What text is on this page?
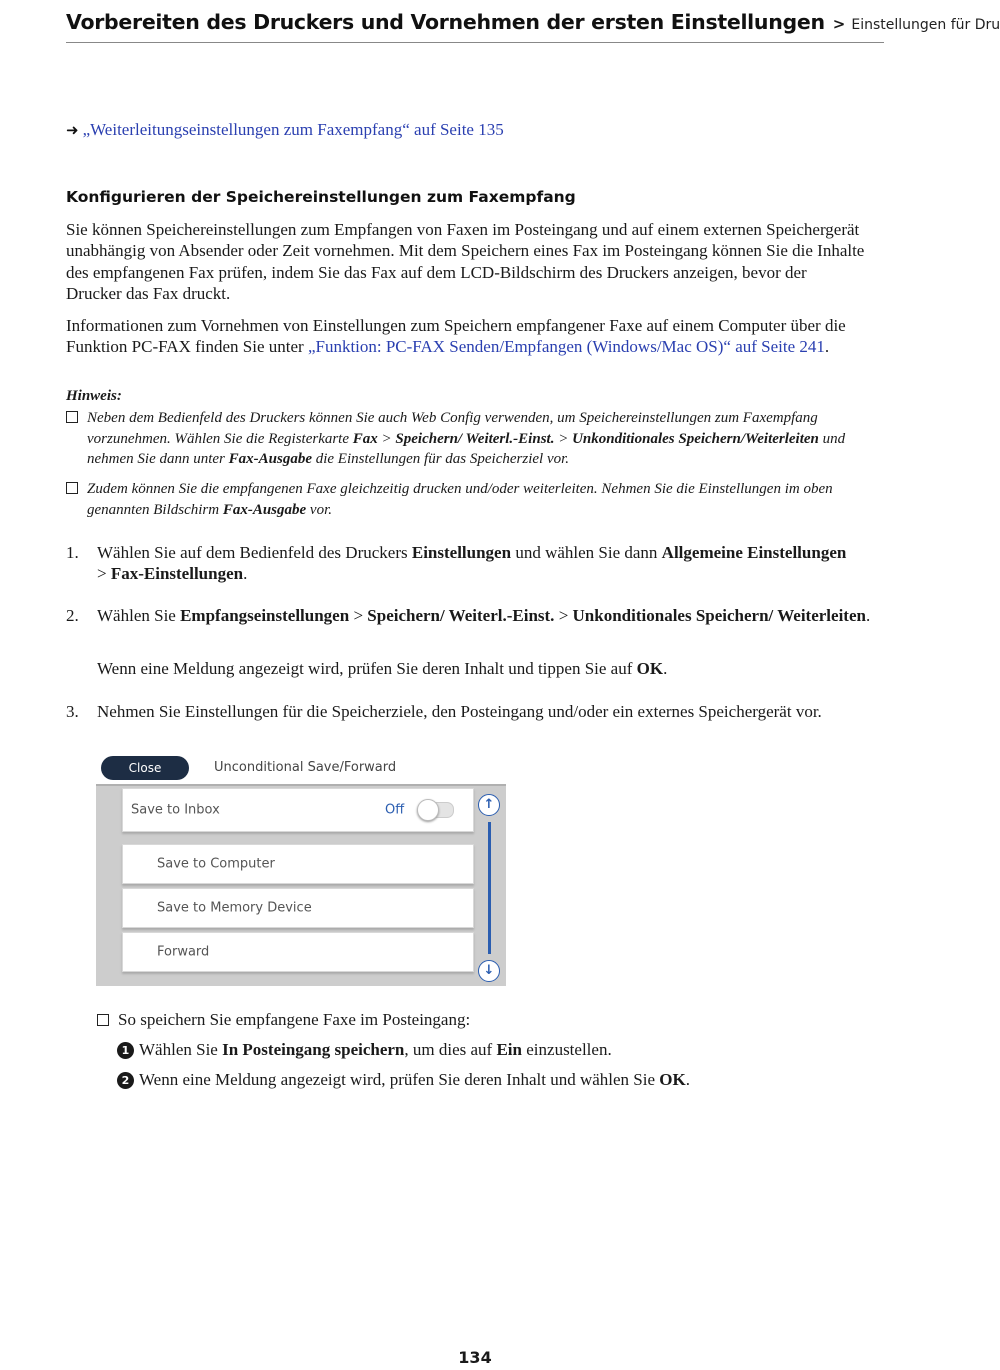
Vorbereiten des Druckers und Vornehmen der ersten Einstellungen > Einstellungen für Dru
➜ „Weiterleitungseinstellungen zum Faxempfang“ auf Seite 135
Konfigurieren der Speichereinstellungen zum Faxempfang
Sie können Speichereinstellungen zum Empfangen von Faxen im Posteingang und auf einem externen Speichergerät unabhängig von Absender oder Zeit vornehmen. Mit dem Speichern eines Fax im Posteingang können Sie die Inhalte des empfangenen Fax prüfen, indem Sie das Fax auf dem LCD-Bildschirm des Druckers anzeigen, bevor der Drucker das Fax druckt.
Informationen zum Vornehmen von Einstellungen zum Speichern empfangener Faxe auf einem Computer über die Funktion PC-FAX finden Sie unter „Funktion: PC-FAX Senden/Empfangen (Windows/Mac OS)“ auf Seite 241.
Hinweis:
Neben dem Bedienfeld des Druckers können Sie auch Web Config verwenden, um Speichereinstellungen zum Faxempfang vorzunehmen. Wählen Sie die Registerkarte Fax > Speichern/ Weiterl.-Einst. > Unkonditionales Speichern/Weiterleiten und nehmen Sie dann unter Fax-Ausgabe die Einstellungen für das Speicherziel vor.
Zudem können Sie die empfangenen Faxe gleichzeitig drucken und/oder weiterleiten. Nehmen Sie die Einstellungen im oben genannten Bildschirm Fax-Ausgabe vor.
1. Wählen Sie auf dem Bedienfeld des Druckers Einstellungen und wählen Sie dann Allgemeine Einstellungen
> Fax-Einstellungen.
2. Wählen Sie Empfangseinstellungen > Speichern/ Weiterl.-Einst. > Unkonditionales Speichern/ Weiterleiten.
Wenn eine Meldung angezeigt wird, prüfen Sie deren Inhalt und tippen Sie auf OK.
3. Nehmen Sie Einstellungen für die Speicherziele, den Posteingang und/oder ein externes Speichergerät vor.
Close	Unconditional Save/Forward
Save to Inbox	Off
Save to Computer
Save to Memory Device
Forward
↑
↓
So speichern Sie empfangene Faxe im Posteingang:
1 Wählen Sie In Posteingang speichern, um dies auf Ein einzustellen.
2 Wenn eine Meldung angezeigt wird, prüfen Sie deren Inhalt und wählen Sie OK.
134
